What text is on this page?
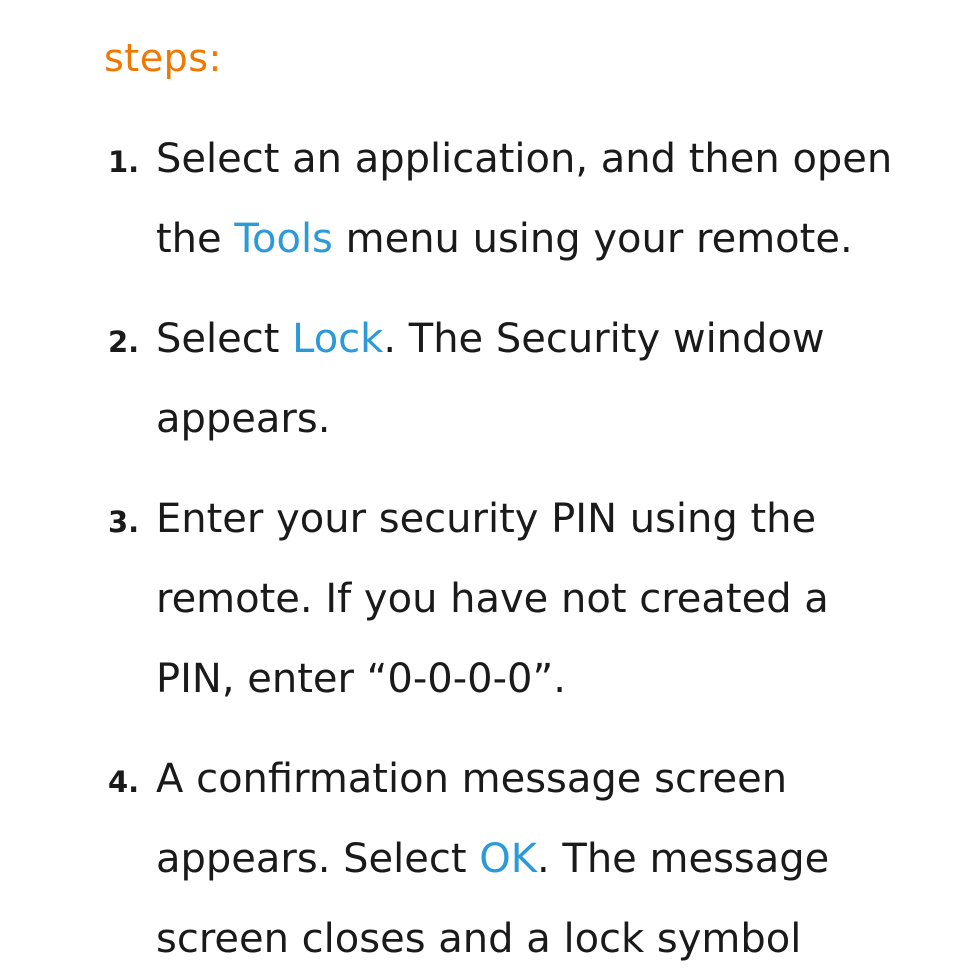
steps:
1. Select an application, and then open
the Tools menu using your remote.
2. Select Lock. The Security window
appears.
3. Enter your security PIN using the
remote. If you have not created a
PIN, enter “0-0-0-0”.
4. A confirmation message screen
appears. Select OK. The message
screen closes and a lock symbol
